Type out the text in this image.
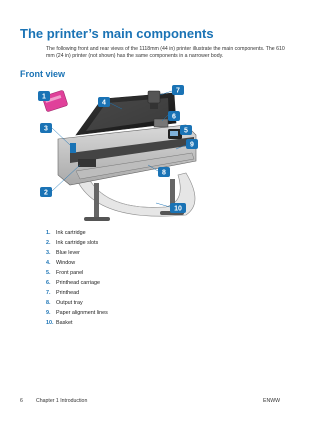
The printer’s main components
The following front and rear views of the 1118mm (44 in) printer illustrate the main components. The 610 mm (24 in) printer (not shown) has the same components in a narrower body.
Front view
1
2
3
4
5
6
7
8
9
10
1. Ink cartridge
2. Ink cartridge slots
3. Blue lever
4. Window
5. Front panel
6. Printhead carriage
7. Printhead
8. Output tray
9. Paper alignment lines
10. Basket
6	Chapter 1 Introduction	ENWW
